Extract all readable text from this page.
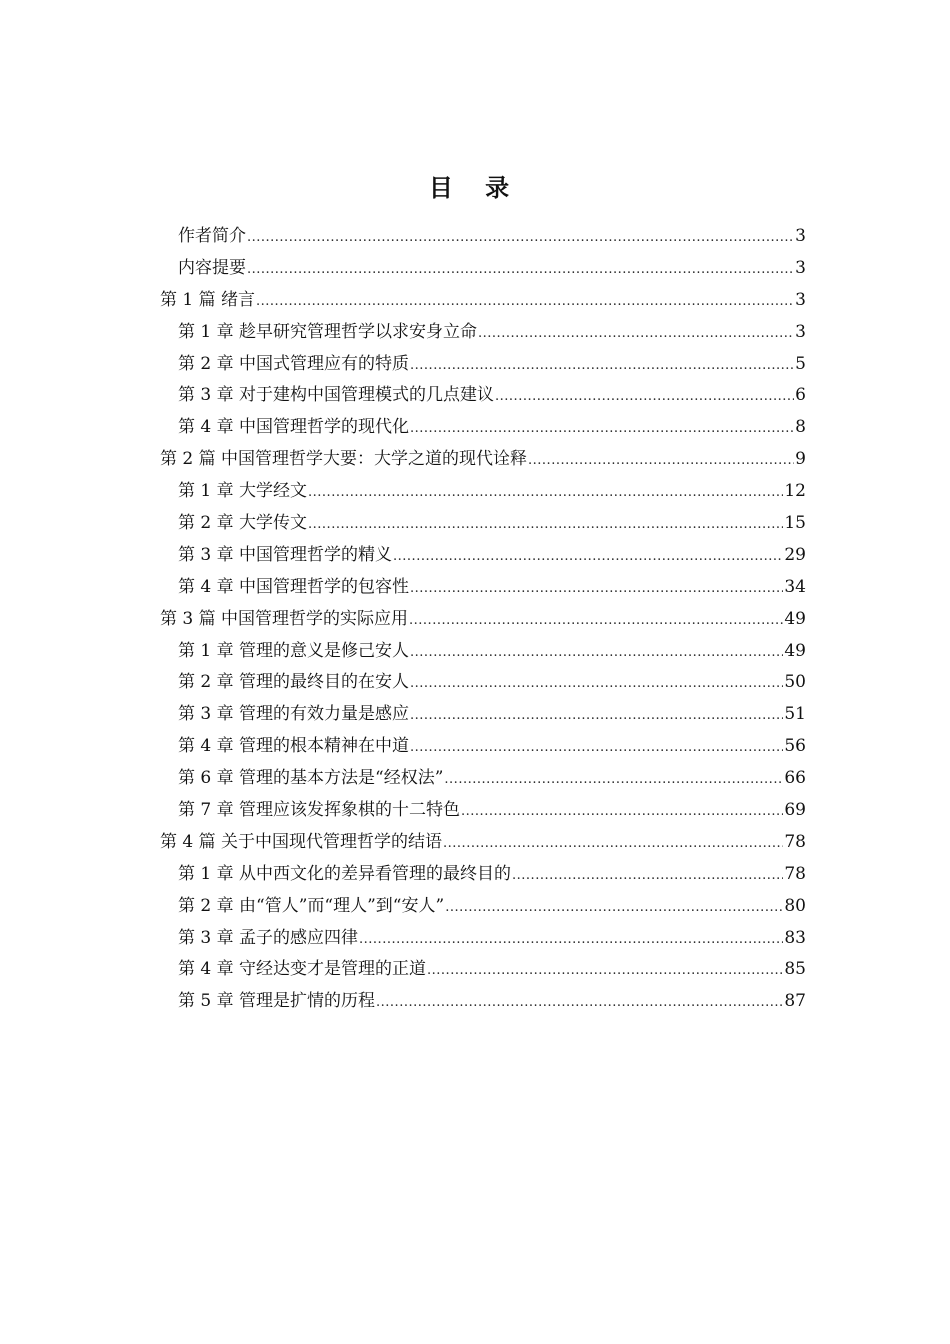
目 录
作者简介 .....	3
内容提要 .....	3
第 1 篇 绪言 .....	3
第 1 章 趁早研究管理哲学以求安身立命 .....	3
第 2 章 中国式管理应有的特质 .....	5
第 3 章 对于建构中国管理模式的几点建议 .....	6
第 4 章 中国管理哲学的现代化 .....	8
第 2 篇 中国管理哲学大要：大学之道的现代诠释 .....	9
第 1 章 大学经文 .....	12
第 2 章 大学传文 .....	15
第 3 章 中国管理哲学的精义 .....	29
第 4 章 中国管理哲学的包容性 .....	34
第 3 篇 中国管理哲学的实际应用 .....	49
第 1 章 管理的意义是修己安人 .....	49
第 2 章 管理的最终目的在安人 .....	50
第 3 章 管理的有效力量是感应 .....	51
第 4 章 管理的根本精神在中道 .....	56
第 6 章 管理的基本方法是“经权法” .....	66
第 7 章 管理应该发挥象棋的十二特色 .....	69
第 4 篇 关于中国现代管理哲学的结语 .....	78
第 1 章 从中西文化的差异看管理的最终目的 .....	78
第 2 章 由“管人”而“理人”到“安人” .....	80
第 3 章 孟子的感应四律 .....	83
第 4 章 守经达变才是管理的正道 .....	85
第 5 章 管理是扩情的历程 .....	87
